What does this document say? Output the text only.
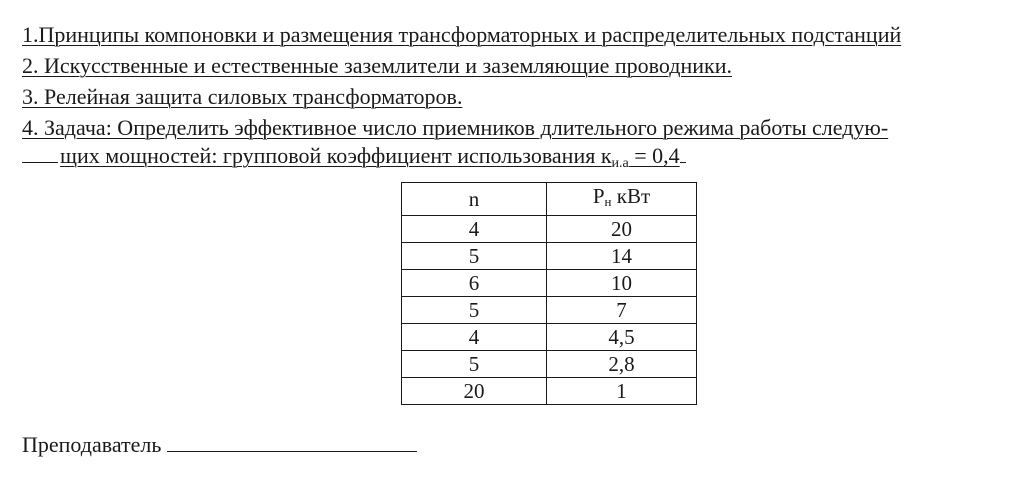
1.Принципы компоновки и размещения трансформаторных и распределительных подстанций
2. Искусственные и естественные заземлители и заземляющие проводники.
3. Релейная защита силовых трансформаторов.
4. Задача: Определить эффективное число приемников длительного режима работы следую-
щих мощностей: групповой коэффициент использования $к_{и.а} = 0,4$
n	Pн кВт
4	20
5	14
6	10
5	7
4	4,5
5	2,8
20	1
Преподаватель
